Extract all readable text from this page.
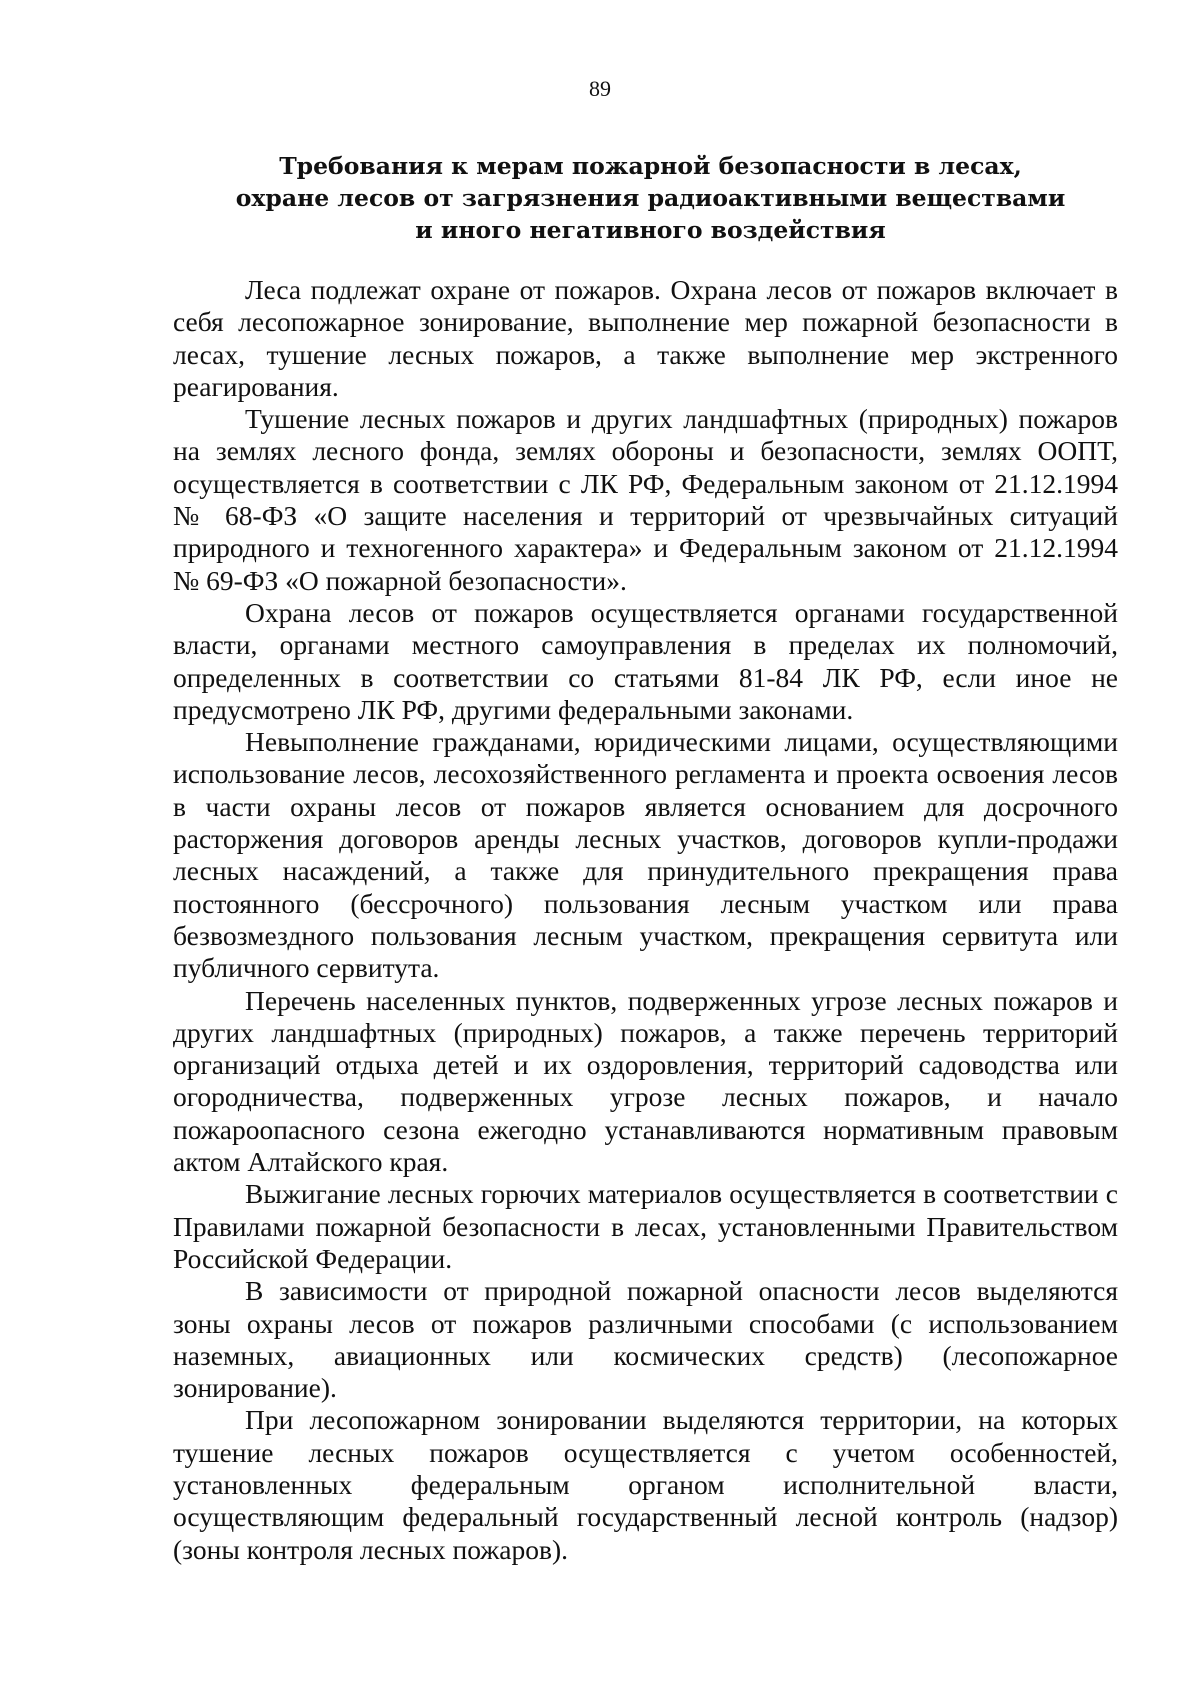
89
Требования к мерам пожарной безопасности в лесах,
охране лесов от загрязнения радиоактивными веществами
и иного негативного воздействия

Леса подлежат охране от пожаров. Охрана лесов от пожаров включает в себя лесопожарное зонирование, выполнение мер пожарной безопасности в лесах, тушение лесных пожаров, а также выполнение мер экстренного реагирования.

Тушение лесных пожаров и других ландшафтных (природных) пожаров на землях лесного фонда, землях обороны и безопасности, землях ООПТ, осуществляется в соответствии с ЛК РФ, Федеральным законом от 21.12.1994 № 68-ФЗ «О защите населения и территорий от чрезвычайных ситуаций природного и техногенного характера» и Федеральным законом от 21.12.1994 № 69-ФЗ «О пожарной безопасности».

Охрана лесов от пожаров осуществляется органами государственной власти, органами местного самоуправления в пределах их полномочий, определенных в соответствии со статьями 81-84 ЛК РФ, если иное не предусмотрено ЛК РФ, другими федеральными законами.

Невыполнение гражданами, юридическими лицами, осуществляющими использование лесов, лесохозяйственного регламента и проекта освоения лесов в части охраны лесов от пожаров является основанием для досрочного расторжения договоров аренды лесных участков, договоров купли-продажи лесных насаждений, а также для принудительного прекращения права постоянного (бессрочного) пользования лесным участком или права безвозмездного пользования лесным участком, прекращения сервитута или публичного сервитута.

Перечень населенных пунктов, подверженных угрозе лесных пожаров и других ландшафтных (природных) пожаров, а также перечень территорий организаций отдыха детей и их оздоровления, территорий садоводства или огородничества, подверженных угрозе лесных пожаров, и начало пожароопасного сезона ежегодно устанавливаются нормативным правовым актом Алтайского края.

Выжигание лесных горючих материалов осуществляется в соответствии с Правилами пожарной безопасности в лесах, установленными Правительством Российской Федерации.

В зависимости от природной пожарной опасности лесов выделяются зоны охраны лесов от пожаров различными способами (с использованием наземных, авиационных или космических средств) (лесопожарное зонирование).

При лесопожарном зонировании выделяются территории, на которых тушение лесных пожаров осуществляется с учетом особенностей, установленных федеральным органом исполнительной власти, осуществляющим федеральный государственный лесной контроль (надзор) (зоны контроля лесных пожаров).
